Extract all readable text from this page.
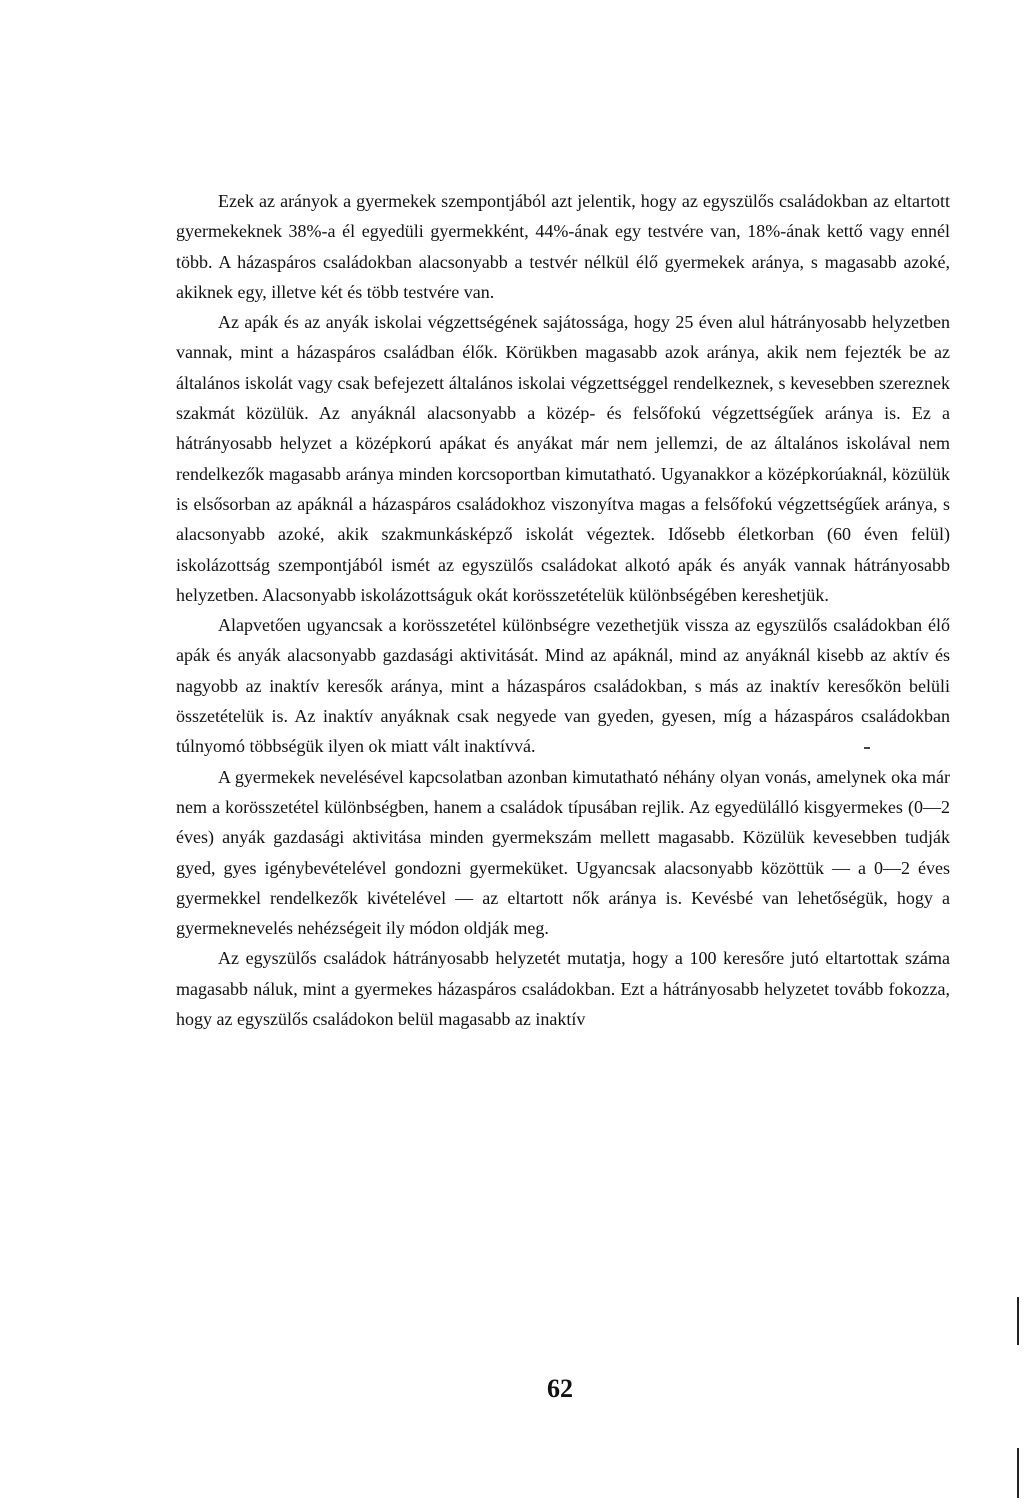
Ezek az arányok a gyermekek szempontjából azt jelentik, hogy az egyszülős családokban az eltartott gyermekeknek 38%-a él egyedüli gyermekként, 44%-ának egy testvére van, 18%-ának kettő vagy ennél több. A házaspáros családokban alacsonyabb a testvér nélkül élő gyermekek aránya, s magasabb azoké, akiknek egy, illetve két és több testvére van.

Az apák és az anyák iskolai végzettségének sajátossága, hogy 25 éven alul hátrányosabb helyzetben vannak, mint a házaspáros családban élők. Körükben magasabb azok aránya, akik nem fejezték be az általános iskolát vagy csak befejezett általános iskolai végzettséggel rendelkeznek, s kevesebben szereznek szakmát közülük. Az anyáknál alacsonyabb a közép- és felsőfokú végzettségűek aránya is. Ez a hátrányosabb helyzet a középkorú apákat és anyákat már nem jellemzi, de az általános iskolával nem rendelkezők magasabb aránya minden korcsoportban kimutatható. Ugyanakkor a középkorúaknál, közülük is elsősorban az apáknál a házaspáros családokhoz viszonyítva magas a felsőfokú végzettségűek aránya, s alacsonyabb azoké, akik szakmunkásképző iskolát végeztek. Idősebb életkorban (60 éven felül) iskolázottság szempontjából ismét az egyszülős családokat alkotó apák és anyák vannak hátrányosabb helyzetben. Alacsonyabb iskolázottságuk okát korösszetételük különbségében kereshetjük.

Alapvetően ugyancsak a korösszetétel különbségre vezethetjük vissza az egyszülős családokban élő apák és anyák alacsonyabb gazdasági aktivitását. Mind az apáknál, mind az anyáknál kisebb az aktív és nagyobb az inaktív keresők aránya, mint a házaspáros családokban, s más az inaktív keresőkön belüli összetételük is. Az inaktív anyáknak csak negyede van gyeden, gyesen, míg a házaspáros családokban túlnyomó többségük ilyen ok miatt vált inaktívvá.

A gyermekek nevelésével kapcsolatban azonban kimutatható néhány olyan vonás, amelynek oka már nem a korösszetétel különbségben, hanem a családok típusában rejlik. Az egyedülálló kisgyermekes (0—2 éves) anyák gazdasági aktivitása minden gyermekszám mellett magasabb. Közülük kevesebben tudják gyed, gyes igénybevételével gondozni gyermeküket. Ugyancsak alacsonyabb közöttük — a 0—2 éves gyermekkel rendelkezők kivételével — az eltartott nők aránya is. Kevésbé van lehetőségük, hogy a gyermeknevelés nehézségeit ily módon oldják meg.

Az egyszülős családok hátrányosabb helyzetét mutatja, hogy a 100 keresőre jutó eltartottak száma magasabb náluk, mint a gyermekes házaspáros családokban. Ezt a hátrányosabb helyzetet tovább fokozza, hogy az egyszülős családokon belül magasabb az inaktív

62
